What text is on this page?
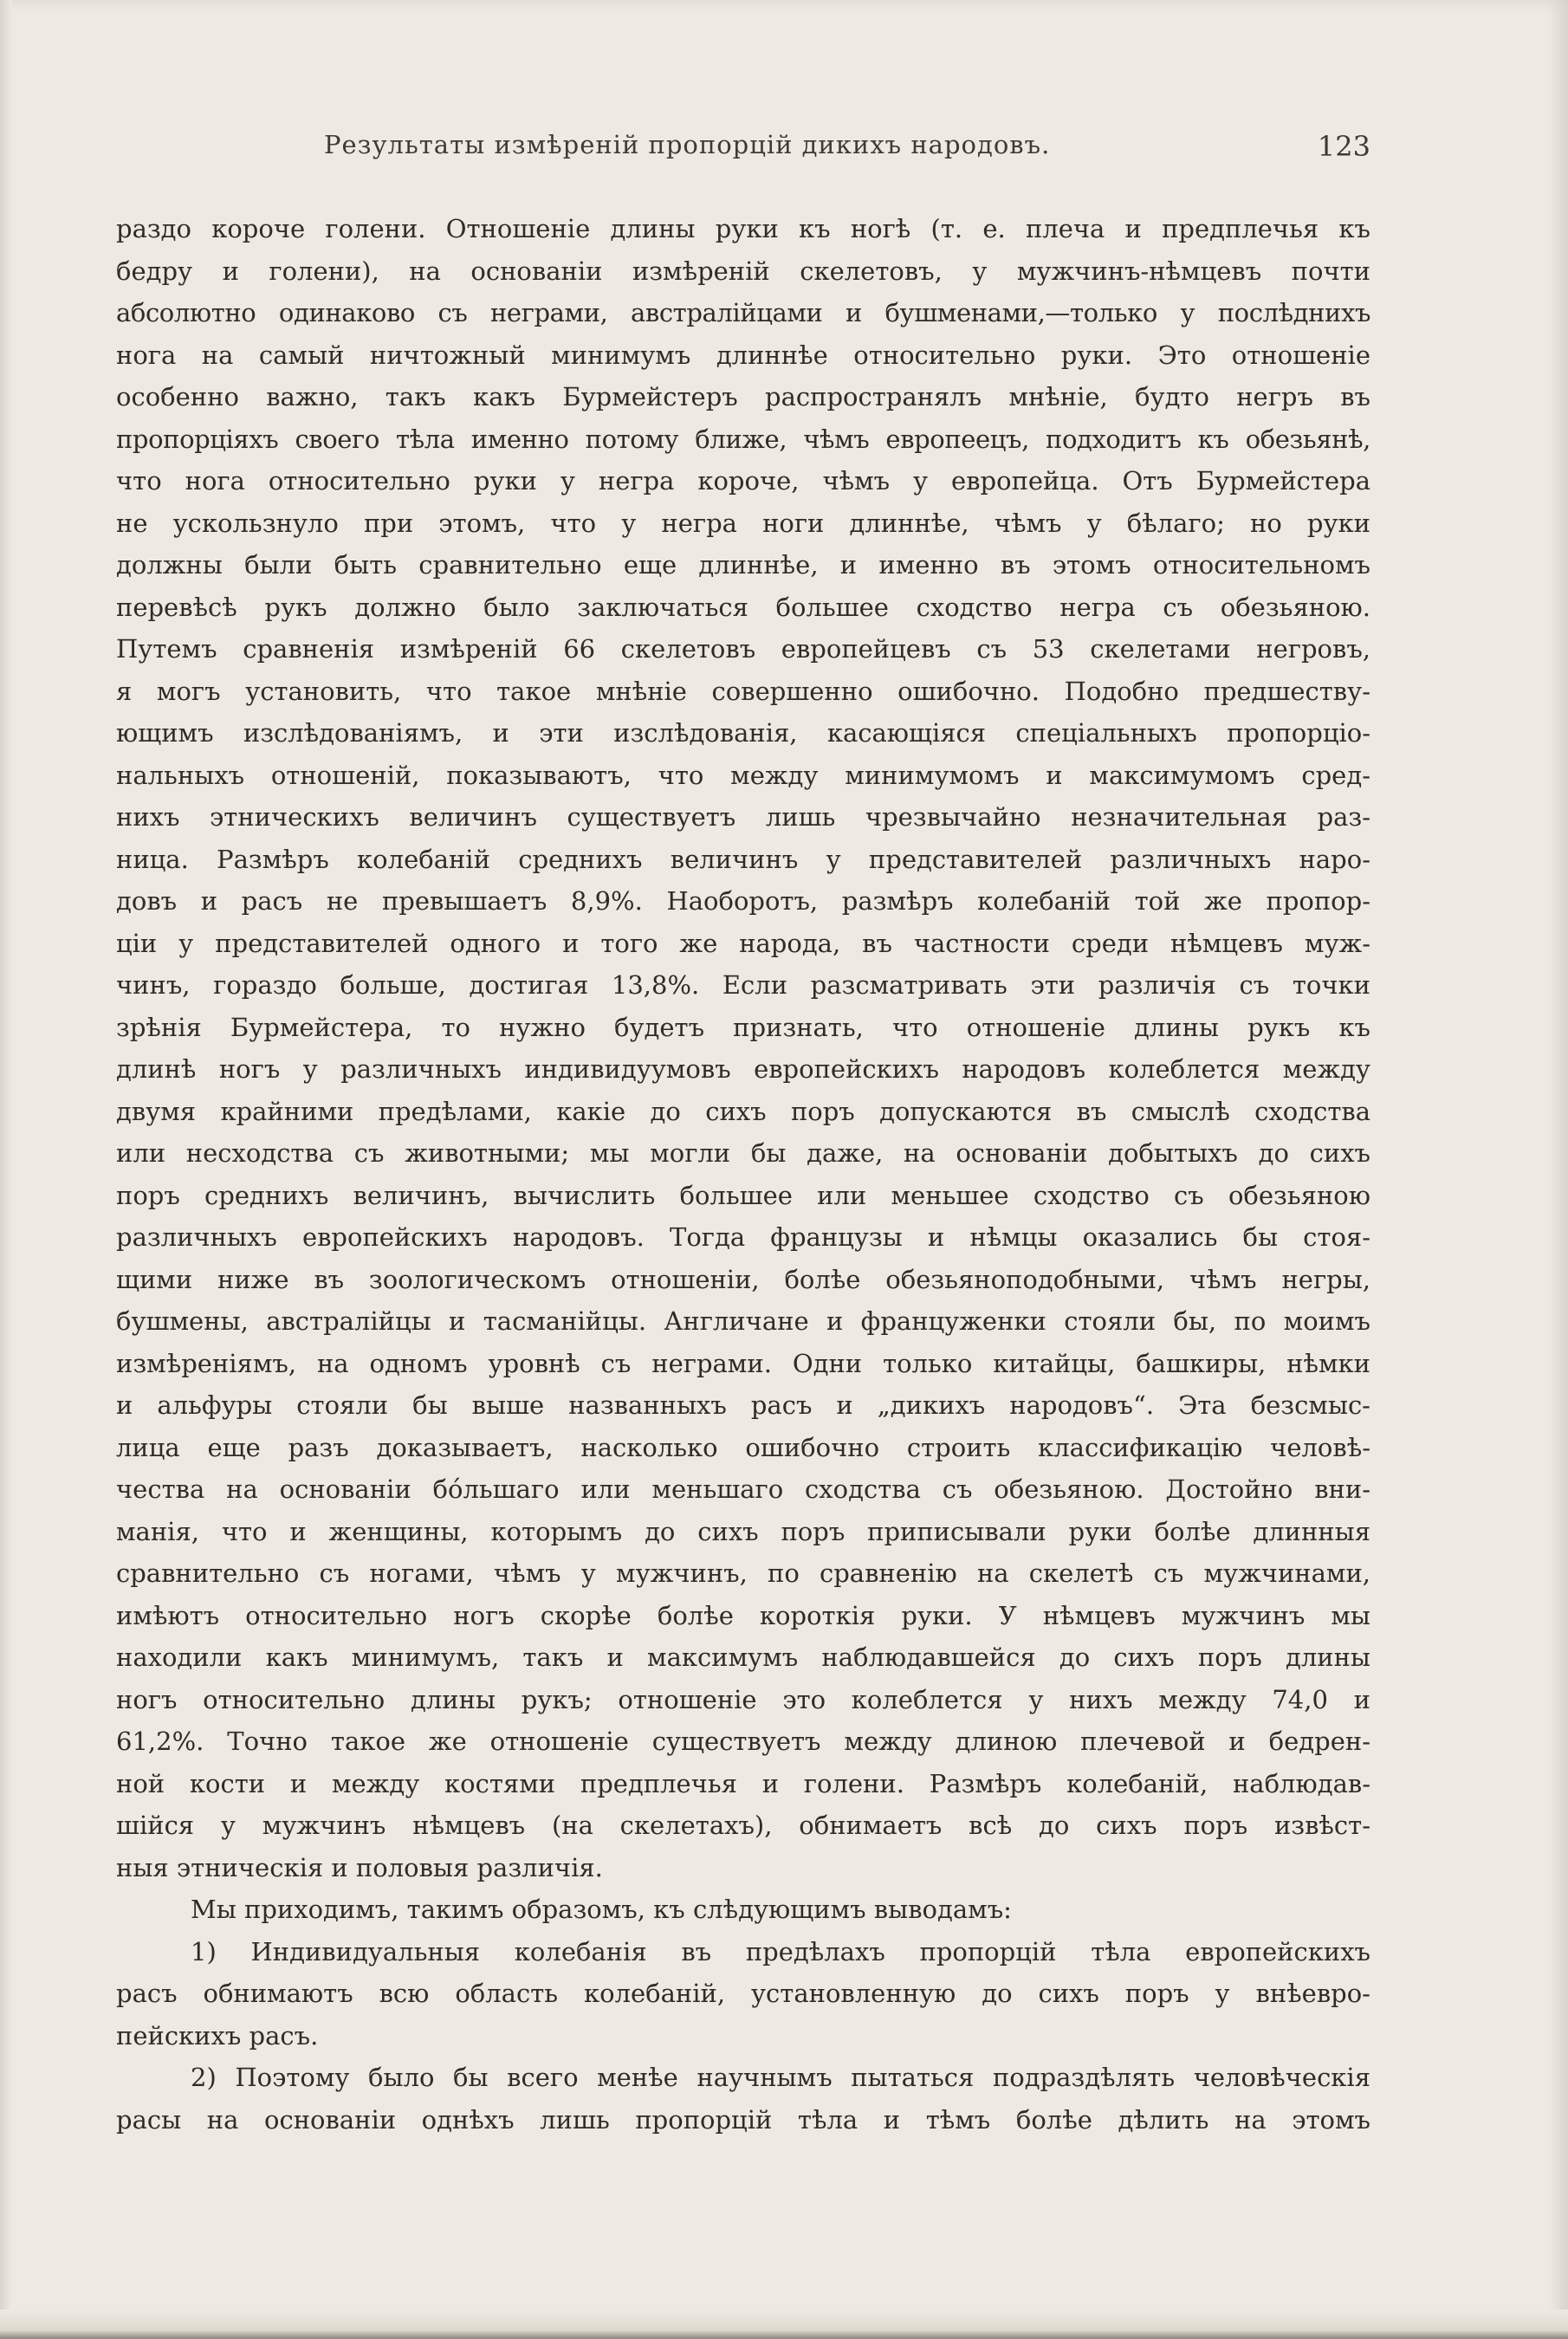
Результаты измѣреній пропорцій дикихъ народовъ.	123
раздо короче голени. Отношеніе длины руки къ ногѣ (т. е. плеча и предплечья къ
бедру и голени), на основаніи измѣреній скелетовъ, у мужчинъ-нѣмцевъ почти
абсолютно одинаково съ неграми, австралійцами и бушменами,—только у послѣднихъ
нога на самый ничтожный минимумъ длиннѣе относительно руки. Это отношеніе
особенно важно, такъ какъ Бурмейстеръ распространялъ мнѣніе, будто негръ въ
пропорціяхъ своего тѣла именно потому ближе, чѣмъ европеецъ, подходитъ къ обезьянѣ,
что нога относительно руки у негра короче, чѣмъ у европейца. Отъ Бурмейстера
не ускользнуло при этомъ, что у негра ноги длиннѣе, чѣмъ у бѣлаго; но руки
должны были быть сравнительно еще длиннѣе, и именно въ этомъ относительномъ
перевѣсѣ рукъ должно было заключаться большее сходство негра съ обезьяною.
Путемъ сравненія измѣреній 66 скелетовъ европейцевъ съ 53 скелетами негровъ,
я могъ установить, что такое мнѣніе совершенно ошибочно. Подобно предшеству-
ющимъ изслѣдованіямъ, и эти изслѣдованія, касающіяся спеціальныхъ пропорціо-
нальныхъ отношеній, показываютъ, что между минимумомъ и максимумомъ сред-
нихъ этническихъ величинъ существуетъ лишь чрезвычайно незначительная раз-
ница. Размѣръ колебаній среднихъ величинъ у представителей различныхъ наро-
довъ и расъ не превышаетъ 8,9%. Наоборотъ, размѣръ колебаній той же пропор-
ціи у представителей одного и того же народа, въ частности среди нѣмцевъ муж-
чинъ, гораздо больше, достигая 13,8%. Если разсматривать эти различія съ точки
зрѣнія Бурмейстера, то нужно будетъ признать, что отношеніе длины рукъ къ
длинѣ ногъ у различныхъ индивидуумовъ европейскихъ народовъ колеблется между
двумя крайними предѣлами, какіе до сихъ поръ допускаются въ смыслѣ сходства
или несходства съ животными; мы могли бы даже, на основаніи добытыхъ до сихъ
поръ среднихъ величинъ, вычислить большее или меньшее сходство съ обезьяною
различныхъ европейскихъ народовъ. Тогда французы и нѣмцы оказались бы стоя-
щими ниже въ зоологическомъ отношеніи, болѣе обезьяноподобными, чѣмъ негры,
бушмены, австралійцы и тасманійцы. Англичане и француженки стояли бы, по моимъ
измѣреніямъ, на одномъ уровнѣ съ неграми. Одни только китайцы, башкиры, нѣмки
и альфуры стояли бы выше названныхъ расъ и „дикихъ народовъ“. Эта безсмыс-
лица еще разъ доказываетъ, насколько ошибочно строить классификацію человѣ-
чества на основаніи бóльшаго или меньшаго сходства съ обезьяною. Достойно вни-
манія, что и женщины, которымъ до сихъ поръ приписывали руки болѣе длинныя
сравнительно съ ногами, чѣмъ у мужчинъ, по сравненію на скелетѣ съ мужчинами,
имѣютъ относительно ногъ скорѣе болѣе короткія руки. У нѣмцевъ мужчинъ мы
находили какъ минимумъ, такъ и максимумъ наблюдавшейся до сихъ поръ длины
ногъ относительно длины рукъ; отношеніе это колеблется у нихъ между 74,0 и
61,2%. Точно такое же отношеніе существуетъ между длиною плечевой и бедрен-
ной кости и между костями предплечья и голени. Размѣръ колебаній, наблюдав-
шійся у мужчинъ нѣмцевъ (на скелетахъ), обнимаетъ всѣ до сихъ поръ извѣст-
ныя этническія и половыя различія.
Мы приходимъ, такимъ образомъ, къ слѣдующимъ выводамъ:
1) Индивидуальныя колебанія въ предѣлахъ пропорцій тѣла европейскихъ
расъ обнимаютъ всю область колебаній, установленную до сихъ поръ у внѣевро-
пейскихъ расъ.
2) Поэтому было бы всего менѣе научнымъ пытаться подраздѣлять человѣческія
расы на основаніи однѣхъ лишь пропорцій тѣла и тѣмъ болѣе дѣлить на этомъ
